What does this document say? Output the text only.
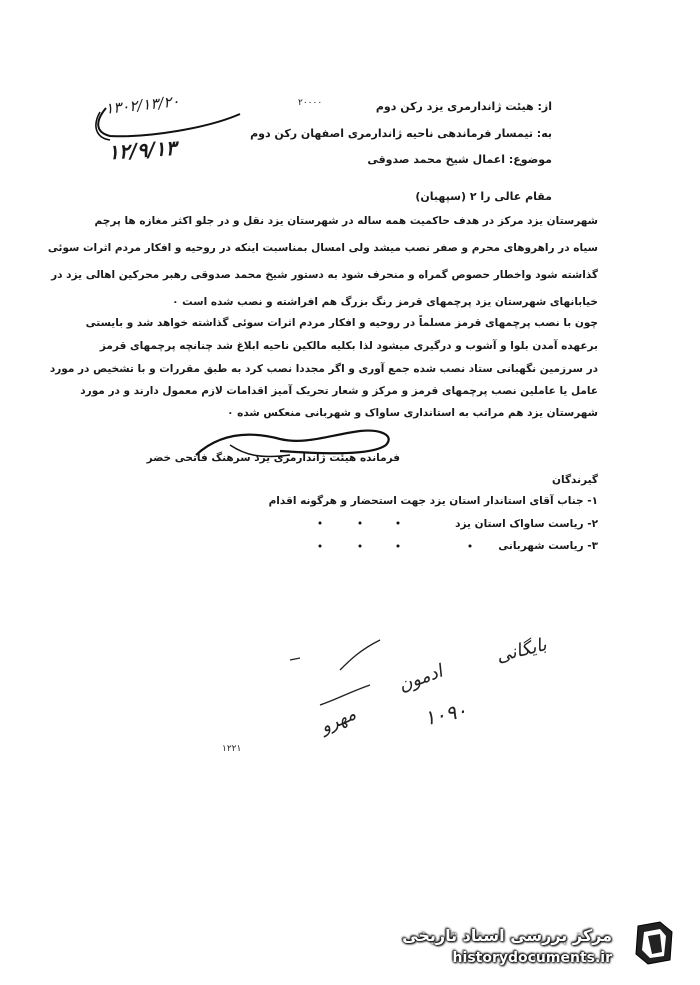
۱۳۰۲/۱۳/۲۰
۱۲/۹/۱۳
۲۰۰۰۰	از: هیئت ژاندارمری یزد رکن دوم
به: تیمسار فرماندهی ناحیه ژاندارمری اصفهان رکن دوم
موضوع: اعمال شیخ محمد صدوقی
مقام عالی را ۲ (سپهبان)
شهرستان یزد مرکز در هدف حاکمیت همه ساله در شهرستان یزد نقل و در جلو اکثر مغازه ها پرچم
سیاه در راهروهای محرم و صفر نصب میشد ولی امسال بمناسبت اینکه در روحیه و افکار مردم اثرات سوئی
گذاشته شود واخطار حصوص گمراه و منحرف شود به دستور شیخ محمد صدوقی رهبر محرکین اهالی یزد در
خیابانهای شهرستان یزد پرچمهای قرمز رنگ بزرگ هم افراشته و نصب شده است ۰
چون با نصب پرچمهای قرمز مسلماً در روحیه و افکار مردم اثرات سوئی گذاشته خواهد شد و بایستی
برعهده آمدن بلوا و آشوب و درگیری میشود لذا بکلیه مالکین ناحیه ابلاغ شد چنانچه پرچمهای قرمز
در سرزمین نگهبانی ستاد نصب شده جمع آوری و اگر مجددا نصب کرد به طبق مقررات و با تشخیص در مورد
عامل یا عاملین نصب پرچمهای قرمز و مرکز و شعار تحریک آمیز اقدامات لازم معمول دارند و در مورد
شهرستان یزد هم مراتب به استانداری ساواک و شهربانی منعکس شده ۰
فرمانده هیئت ژاندارمری یزد سرهنگ فاتحی خضر
گیرندگان
۱- جناب آقای استاندار استان یزد جهت استحضار و هرگونه اقدام
۲- ریاست ساواک استان یزد
۳- ریاست شهربانی
بایگانی
ادمون
۱۰۹۰
مهرو
۱۲۲۱
مرکز بررسی اسناد تاریخی
historydocuments.ir
